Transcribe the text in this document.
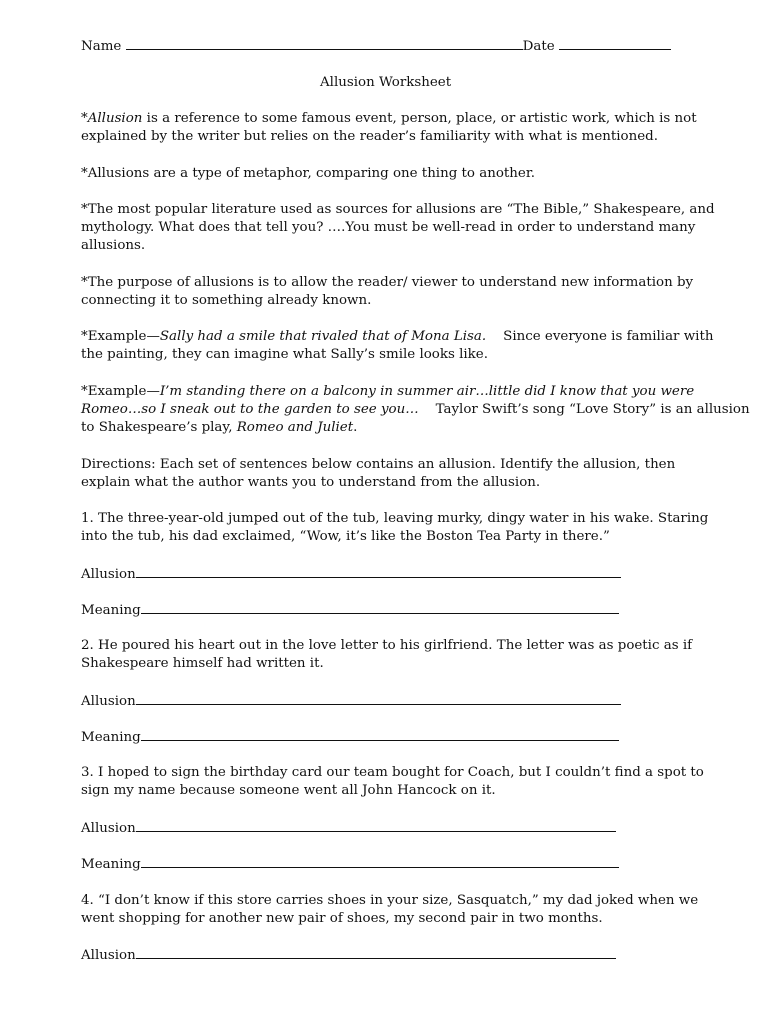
Name	Date
Allusion Worksheet
*Allusion is a reference to some famous event, person, place, or artistic work, which is not
explained by the writer but relies on the reader’s familiarity with what is mentioned.
*Allusions are a type of metaphor, comparing one thing to another.
*The most popular literature used as sources for allusions are “The Bible,” Shakespeare, and
mythology. What does that tell you? ….You must be well-read in order to understand many
allusions.
*The purpose of allusions is to allow the reader/ viewer to understand new information by
connecting it to something already known.
*Example—Sally had a smile that rivaled that of Mona Lisa.    Since everyone is familiar with
the painting, they can imagine what Sally’s smile looks like.
*Example—I’m standing there on a balcony in summer air…little did I know that you were
Romeo…so I sneak out to the garden to see you…    Taylor Swift’s song “Love Story” is an allusion
to Shakespeare’s play, Romeo and Juliet.
Directions: Each set of sentences below contains an allusion. Identify the allusion, then
explain what the author wants you to understand from the allusion.
1. The three-year-old jumped out of the tub, leaving murky, dingy water in his wake. Staring
into the tub, his dad exclaimed, “Wow, it’s like the Boston Tea Party in there.”
Allusion
Meaning
2. He poured his heart out in the love letter to his girlfriend. The letter was as poetic as if
Shakespeare himself had written it.
Allusion
Meaning
3. I hoped to sign the birthday card our team bought for Coach, but I couldn’t find a spot to
sign my name because someone went all John Hancock on it.
Allusion
Meaning
4. “I don’t know if this store carries shoes in your size, Sasquatch,” my dad joked when we
went shopping for another new pair of shoes, my second pair in two months.
Allusion
